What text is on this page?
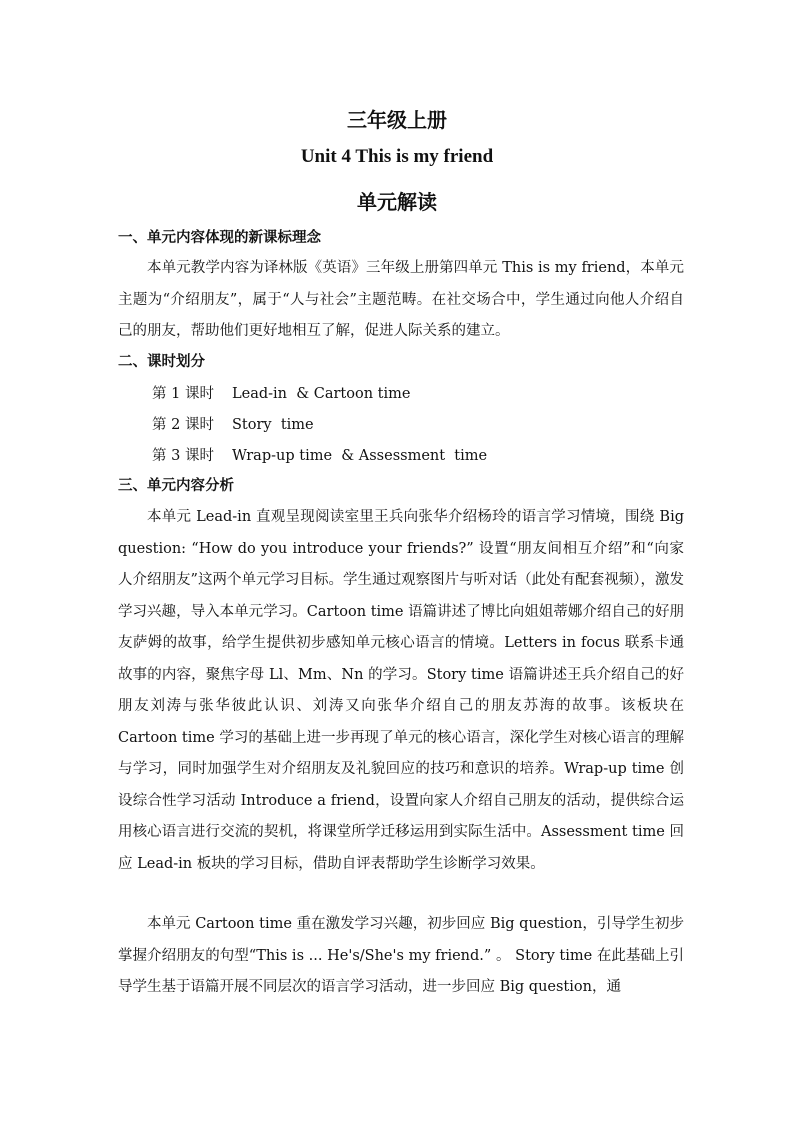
三年级上册
Unit 4 This is my friend
单元解读

一、单元内容体现的新课标理念

本单元教学内容为译林版《英语》三年级上册第四单元 This is my friend，本单元主题为“介绍朋友”，属于“人与社会”主题范畴。在社交场合中，学生通过向他人介绍自己的朋友，帮助他们更好地相互了解，促进人际关系的建立。

二、课时划分

第 1 课时 Lead-in  & Cartoon time

第 2 课时 Story  time

第 3 课时 Wrap-up time  & Assessment  time

三、单元内容分析

本单元 Lead-in 直观呈现阅读室里王兵向张华介绍杨玲的语言学习情境，围绕 Big question: “How do you introduce your friends?” 设置“朋友间相互介绍”和“向家人介绍朋友”这两个单元学习目标。学生通过观察图片与听对话（此处有配套视频），激发学习兴趣，导入本单元学习。Cartoon time 语篇讲述了博比向姐姐蒂娜介绍自己的好朋友萨姆的故事，给学生提供初步感知单元核心语言的情境。Letters in focus 联系卡通故事的内容，聚焦字母 Ll、Mm、Nn 的学习。Story time 语篇讲述王兵介绍自己的好朋友刘涛与张华彼此认识、刘涛又向张华介绍自己的朋友苏海的故事。该板块在 Cartoon time 学习的基础上进一步再现了单元的核心语言，深化学生对核心语言的理解与学习，同时加强学生对介绍朋友及礼貌回应的技巧和意识的培养。Wrap-up time 创设综合性学习活动 Introduce a friend，设置向家人介绍自己朋友的活动，提供综合运用核心语言进行交流的契机，将课堂所学迁移运用到实际生活中。Assessment time 回应 Lead-in 板块的学习目标，借助自评表帮助学生诊断学习效果。

本单元 Cartoon time 重在激发学习兴趣，初步回应 Big question，引导学生初步掌握介绍朋友的句型“This is ... He's/She's my friend.” 。 Story time 在此基础上引导学生基于语篇开展不同层次的语言学习活动，进一步回应 Big question，通
